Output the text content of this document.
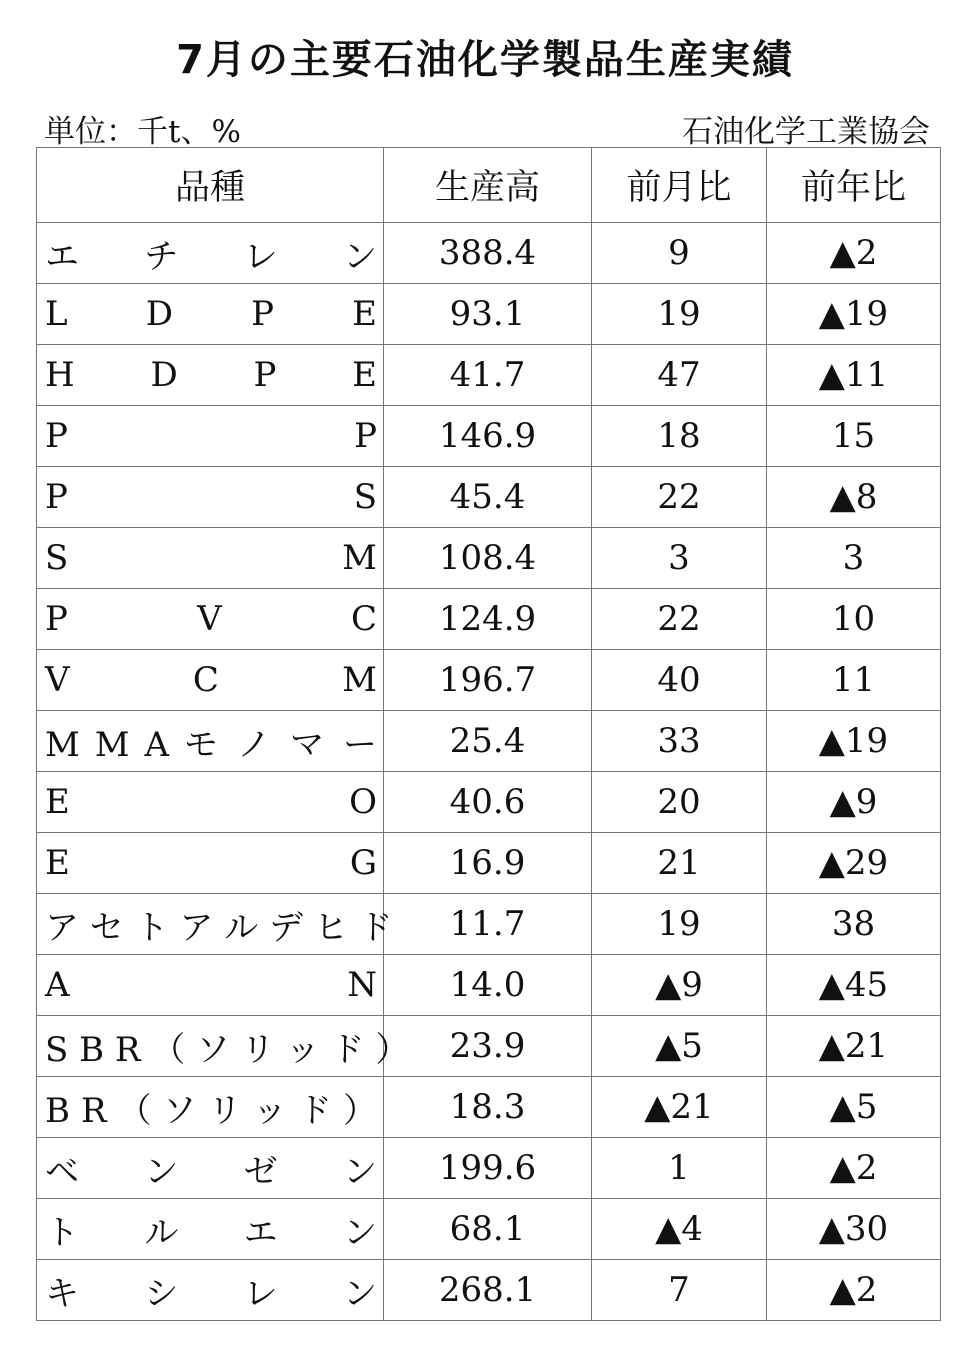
7月の主要石油化学製品生産実績
単位：千t、%	石油化学工業協会
品種	生産高	前月比	前年比
エ チ レ ン	388.4	9	▲2
L D P E	93.1	19	▲19
H D P E	41.7	47	▲11
P P	146.9	18	15
P S	45.4	22	▲8
S M	108.4	3	3
P V C	124.9	22	10
V C M	196.7	40	11
M M A モ ノ マ ー	25.4	33	▲19
E O	40.6	20	▲9
E G	16.9	21	▲29
ア セ ト ア ル デ ヒ ド	11.7	19	38
A N	14.0	▲9	▲45
S B R （ ソ リ ッ ド ）	23.9	▲5	▲21
B R （ ソ リ ッ ド ）	18.3	▲21	▲5
ベ ン ゼ ン	199.6	1	▲2
ト ル エ ン	68.1	▲4	▲30
キ シ レ ン	268.1	7	▲2
